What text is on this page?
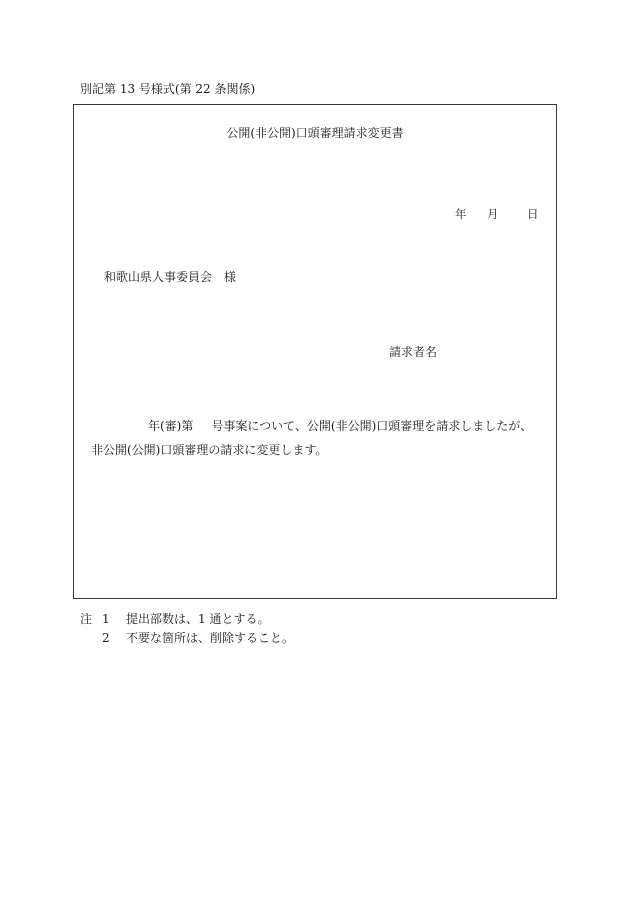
別記第 13 号様式(第 22 条関係)
公開(非公開)口頭審理請求変更書
年 月 日
和歌山県人事委員会　様
請求者名
年(審)第 号事案について、公開(非公開)口頭審理を請求しましたが、
非公開(公開)口頭審理の請求に変更します。
注 1	提出部数は、1 通とする。
2	不要な箇所は、削除すること。
